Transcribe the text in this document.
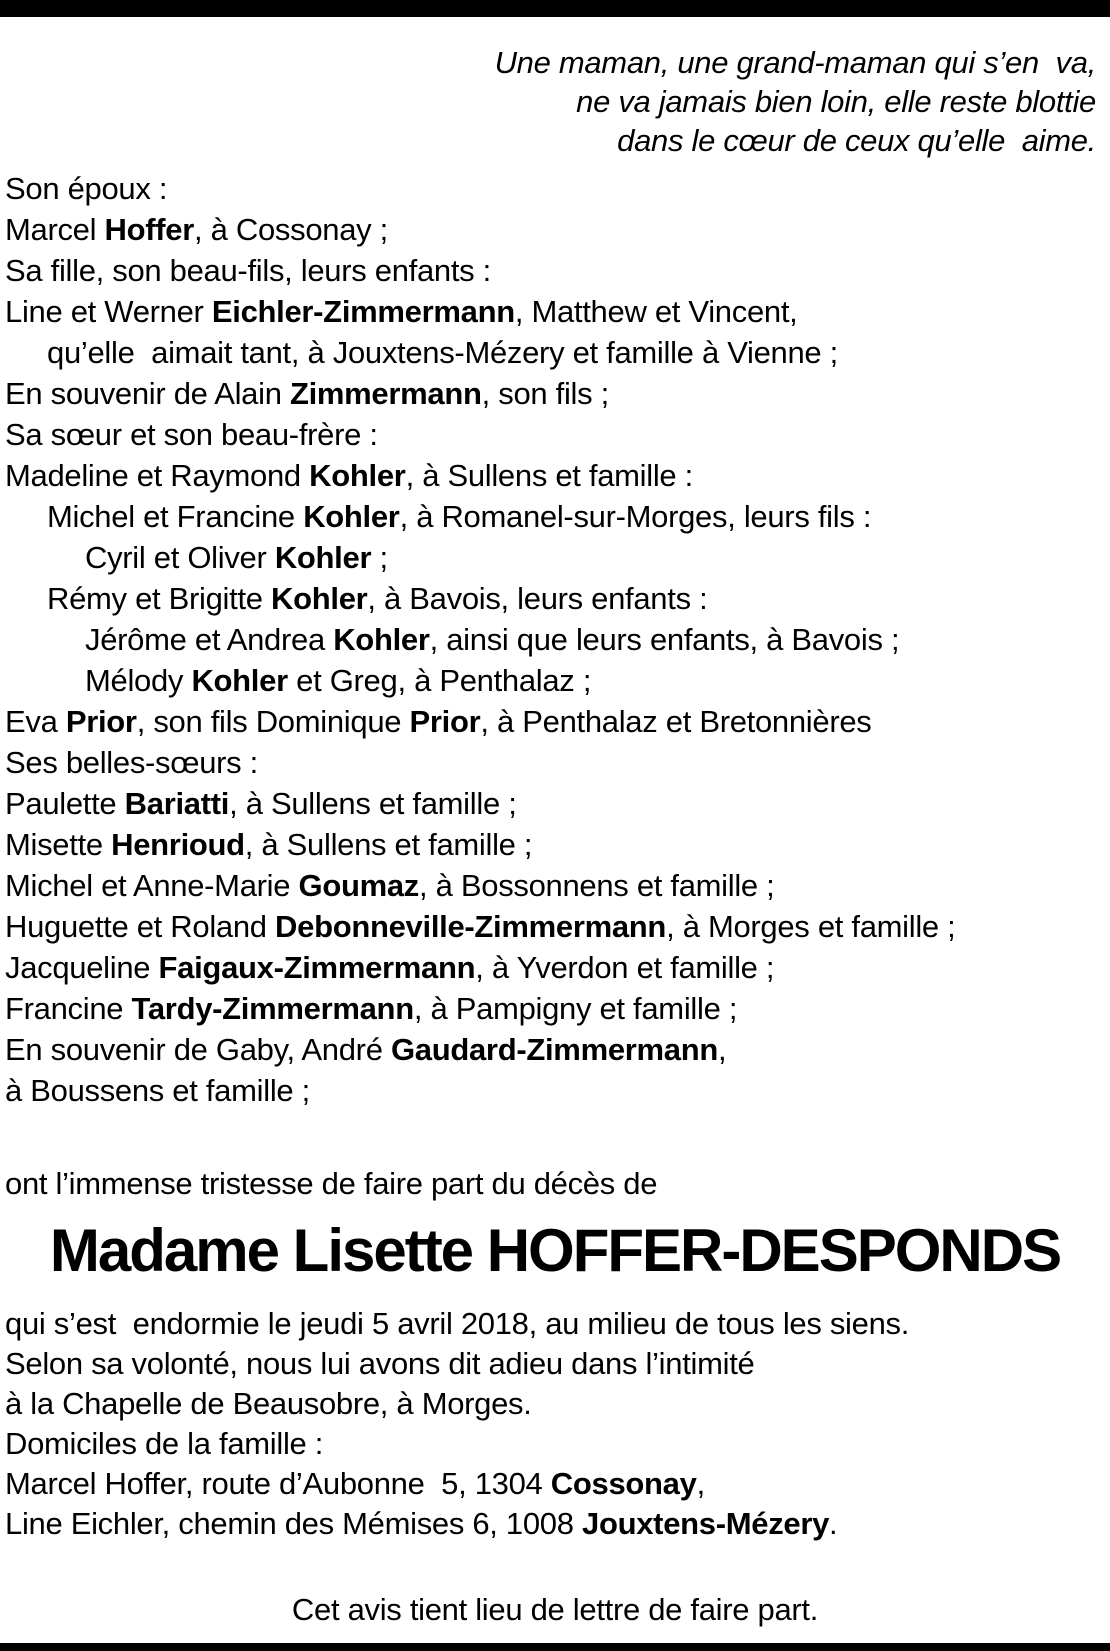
Une maman, une grand-maman qui s’en  va,
ne va jamais bien loin, elle reste blottie
dans le cœur de ceux qu’elle  aime.
Son époux :
Marcel Hoffer, à Cossonay ;
Sa fille, son beau-fils, leurs enfants :
Line et Werner Eichler-Zimmermann, Matthew et Vincent,
qu’elle  aimait tant, à Jouxtens-Mézery et famille à Vienne ;
En souvenir de Alain Zimmermann, son fils ;
Sa sœur et son beau-frère :
Madeline et Raymond Kohler, à Sullens et famille :
Michel et Francine Kohler, à Romanel-sur-Morges, leurs fils :
Cyril et Oliver Kohler ;
Rémy et Brigitte Kohler, à Bavois, leurs enfants :
Jérôme et Andrea Kohler, ainsi que leurs enfants, à Bavois ;
Mélody Kohler et Greg, à Penthalaz ;
Eva Prior, son fils Dominique Prior, à Penthalaz et Bretonnières
Ses belles-sœurs :
Paulette Bariatti, à Sullens et famille ;
Misette Henrioud, à Sullens et famille ;
Michel et Anne-Marie Goumaz, à Bossonnens et famille ;
Huguette et Roland Debonneville-Zimmermann, à Morges et famille ;
Jacqueline Faigaux-Zimmermann, à Yverdon et famille ;
Francine Tardy-Zimmermann, à Pampigny et famille ;
En souvenir de Gaby, André Gaudard-Zimmermann,
à Boussens et famille ;
ont l’immense tristesse de faire part du décès de
Madame Lisette HOFFER-DESPONDS
qui s’est  endormie le jeudi 5 avril 2018, au milieu de tous les siens.
Selon sa volonté, nous lui avons dit adieu dans l’intimité
à la Chapelle de Beausobre, à Morges.
Domiciles de la famille :
Marcel Hoffer, route d’Aubonne  5, 1304 Cossonay,
Line Eichler, chemin des Mémises 6, 1008 Jouxtens-Mézery.
Cet avis tient lieu de lettre de faire part.
